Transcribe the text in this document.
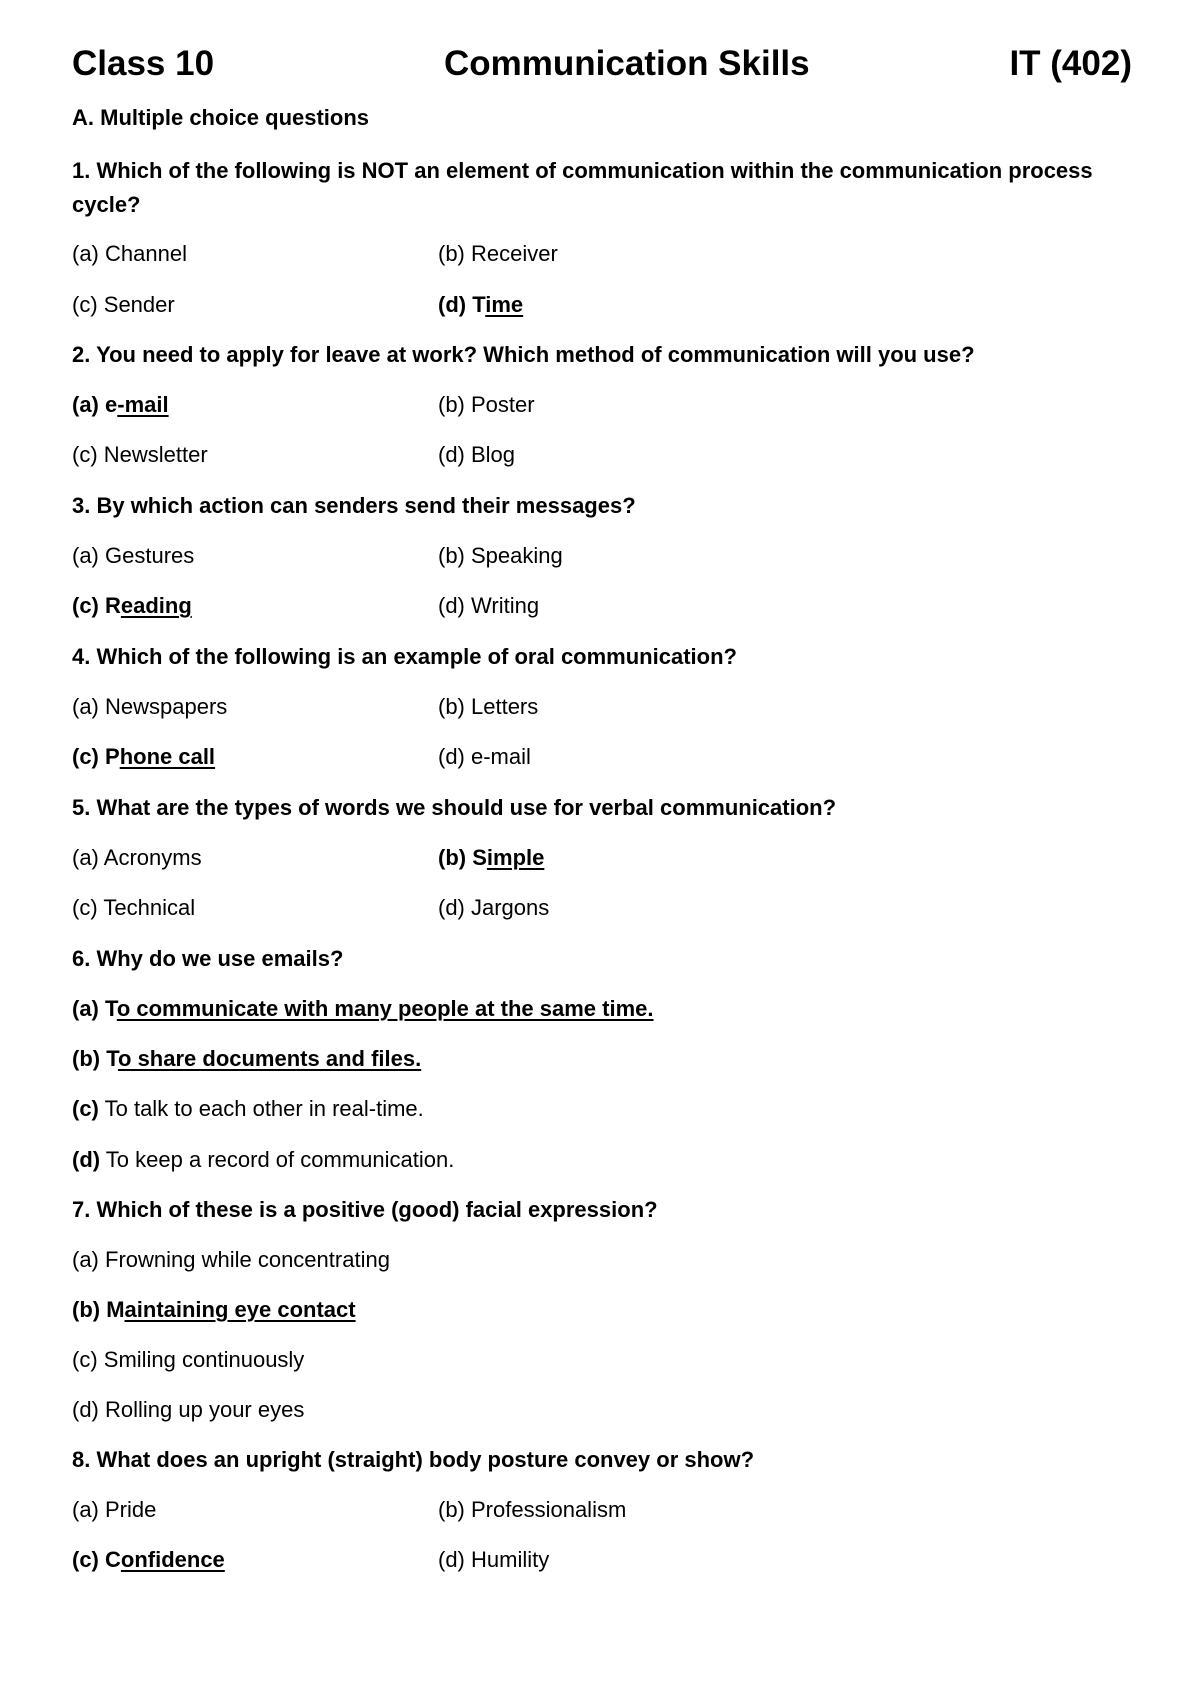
Class 10	Communication Skills	IT (402)
A. Multiple choice questions
1. Which of the following is NOT an element of communication within the communication process cycle?
(a) Channel	(b) Receiver
(c) Sender	(d) Time
2. You need to apply for leave at work? Which method of communication will you use?
(a) e-mail	(b) Poster
(c) Newsletter	(d) Blog
3. By which action can senders send their messages?
(a) Gestures	(b) Speaking
(c) Reading	(d) Writing
4. Which of the following is an example of oral communication?
(a) Newspapers	(b) Letters
(c) Phone call	(d) e-mail
5. What are the types of words we should use for verbal communication?
(a) Acronyms	(b) Simple
(c) Technical	(d) Jargons
6. Why do we use emails?
(a) To communicate with many people at the same time.
(b) To share documents and files.
(c) To talk to each other in real-time.
(d) To keep a record of communication.
7. Which of these is a positive (good) facial expression?
(a) Frowning while concentrating
(b) Maintaining eye contact
(c) Smiling continuously
(d) Rolling up your eyes
8. What does an upright (straight) body posture convey or show?
(a) Pride	(b) Professionalism
(c) Confidence	(d) Humility
